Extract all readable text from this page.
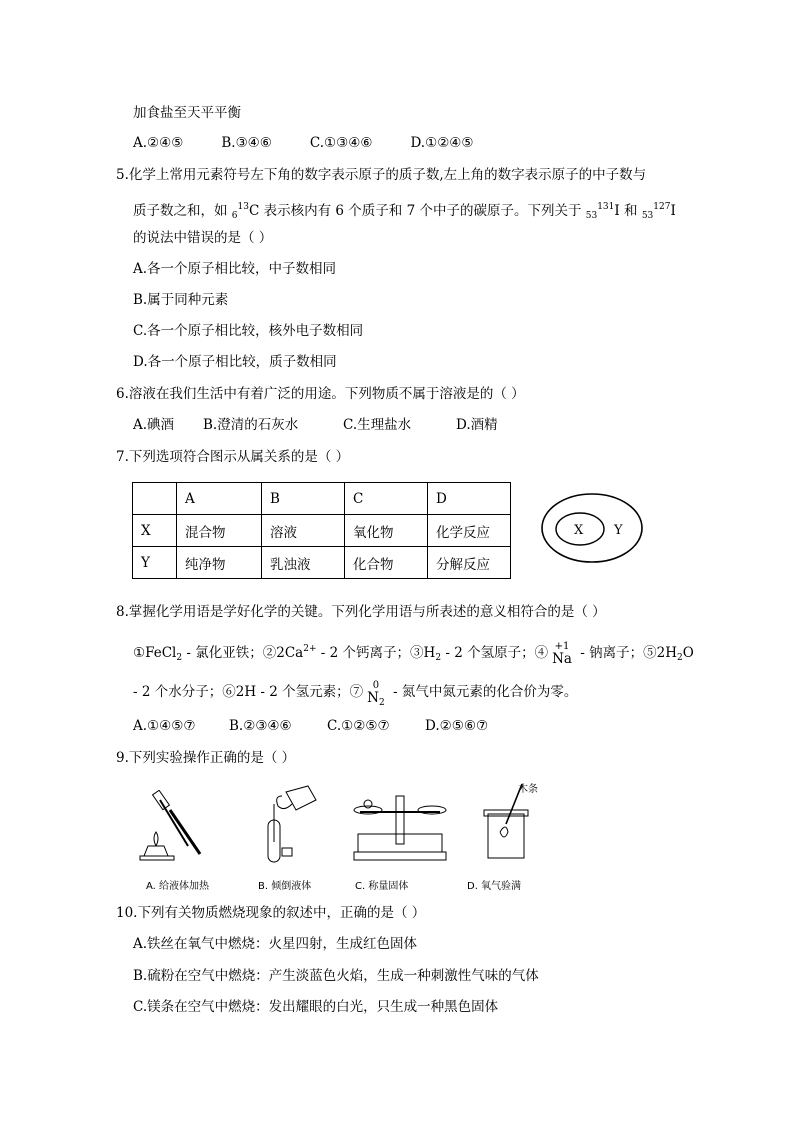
加食盐至天平平衡
A.②④⑤	B.③④⑥	C.①③④⑥	D.①②④⑤
5.化学上常用元素符号左下角的数字表示原子的质子数,左上角的数字表示原子的中子数与
质子数之和，如 $_6^{13}$C 表示核内有 6 个质子和 7 个中子的碳原子。下列关于 $_{53}^{131}$I 和 $_{53}^{127}$I
的说法中错误的是（ ）
A.各一个原子相比较，中子数相同
B.属于同种元素
C.各一个原子相比较，核外电子数相同
D.各一个原子相比较，质子数相同
6.溶液在我们生活中有着广泛的用途。下列物质不属于溶液是的（ ）
A.碘酒 B.澄清的石灰水	C.生理盐水	D.酒精
7.下列选项符合图示从属关系的是（ ）
	A	B	C	D
X	混合物	溶液	氧化物	化学反应
Y	纯净物	乳浊液	化合物	分解反应
X Y
8.掌握化学用语是学好化学的关键。下列化学用语与所表述的意义相符合的是（ ）
①FeCl$_2$ - 氯化亚铁；$②2Ca^{2+} - 2$ 个钙离子；$③H_2 - 2$ 个氢原子；④ +1
Na - 钠离子；$⑤2H_2O$
- 2 个水分子；⑥2H - 2 个氢元素；⑦ 0
$N_2$
- 氮气中氮元素的化合价为零。
A.①④⑤⑦ B.②③④⑥	C.①②⑤⑦	D.②⑤⑥⑦
9.下列实验操作正确的是（ ）
A. 给液体加热	B. 倾倒液体	C. 称量固体
木条
D. 氧气验满
10.下列有关物质燃烧现象的叙述中，正确的是（ ）
A.铁丝在氧气中燃烧：火星四射，生成红色固体
B.硫粉在空气中燃烧：产生淡蓝色火焰，生成一种刺激性气味的气体
C.镁条在空气中燃烧：发出耀眼的白光，只生成一种黑色固体
